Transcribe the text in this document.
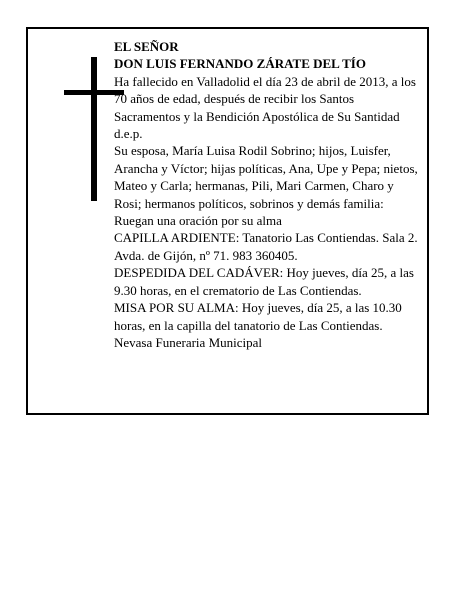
EL SEÑOR

DON LUIS FERNANDO ZÁRATE DEL TÍO

Ha fallecido en Valladolid el día 23 de abril de 2013, a los 70 años de edad, después de recibir los Santos Sacramentos y la Bendición Apostólica de Su Santidad d.e.p.

Su esposa, María Luisa Rodil Sobrino; hijos, Luisfer, Arancha y Víctor; hijas políticas, Ana, Upe y Pepa; nietos, Mateo y Carla; hermanas, Pili, Mari Carmen, Charo y Rosi; hermanos políticos, sobrinos y demás familia:

Ruegan una oración por su alma

CAPILLA ARDIENTE: Tanatorio Las Contiendas. Sala 2. Avda. de Gijón, nº 71. 983 360405.

DESPEDIDA DEL CADÁVER: Hoy jueves, día 25, a las 9.30 horas, en el crematorio de Las Contiendas.

MISA POR SU ALMA: Hoy jueves, día 25, a las 10.30 horas, en la capilla del tanatorio de Las Contiendas.

Nevasa Funeraria Municipal
